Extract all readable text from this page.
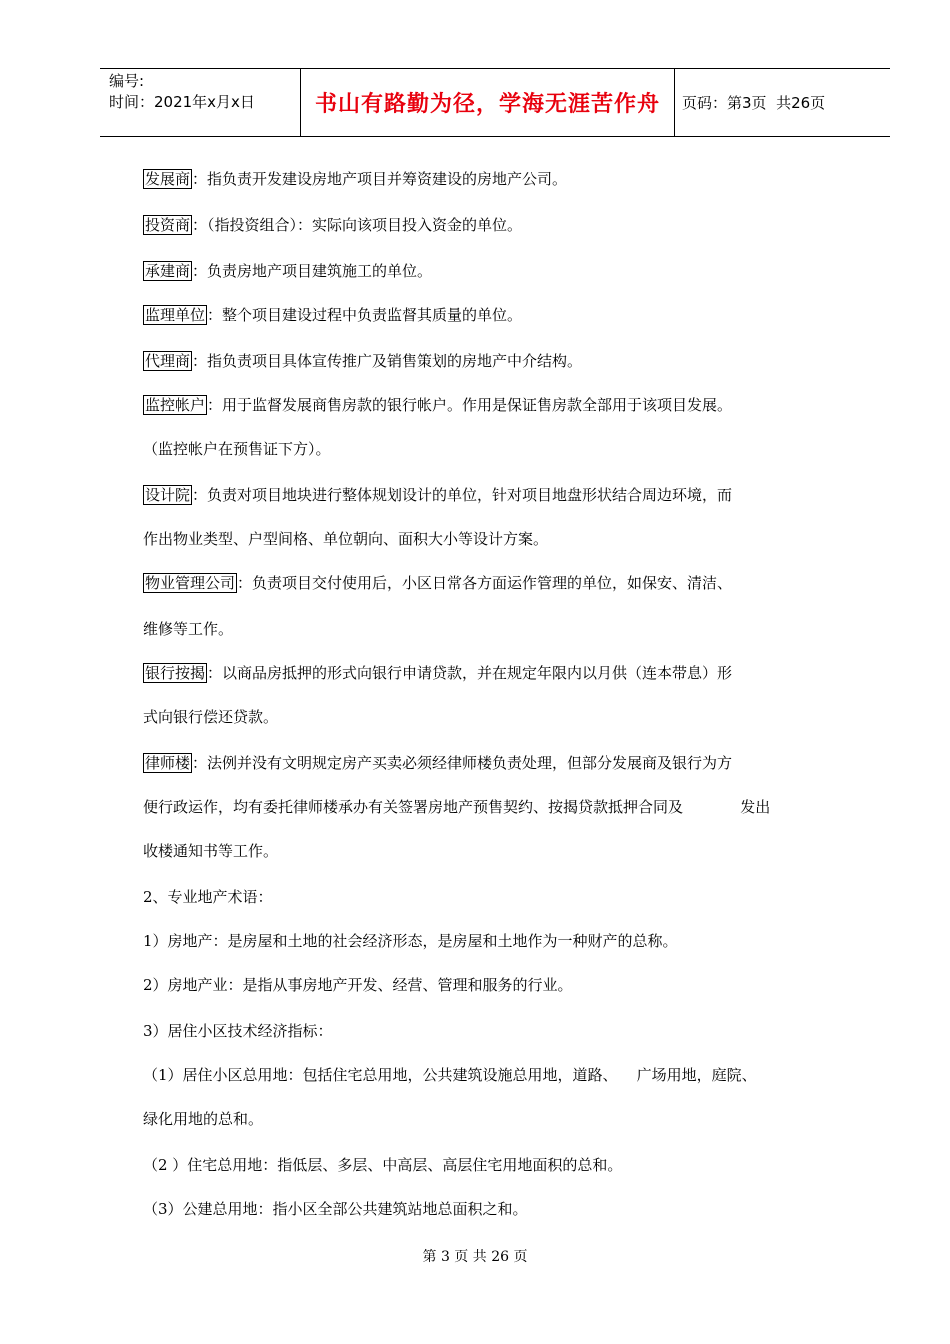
编号:
时间：2021年x月x日	书山有路勤为径，学海无涯苦作舟	页码：第3页  共26页
发展商 ：指负责开发建设房地产项目并筹资建设的房地产公司。
投资商 ：（指投资组合）：实际向该项目投入资金的单位。
承建商 ：负责房地产项目建筑施工的单位。
监理单位 ：整个项目建设过程中负责监督其质量的单位。
代理商 ：指负责项目具体宣传推广及销售策划的房地产中介结构。
监控帐户 ：用于监督发展商售房款的银行帐户。作用是保证售房款全部用于该项目发展。
（监控帐户在预售证下方）。
设计院 ：负责对项目地块进行整体规划设计的单位，针对项目地盘形状结合周边环境，而
作出物业类型、户型间格、单位朝向、面积大小等设计方案。
物业管理公司 ：负责项目交付使用后，小区日常各方面运作管理的单位，如保安、清洁、
维修等工作。
银行按揭 ：以商品房抵押的形式向银行申请贷款，并在规定年限内以月供（连本带息）形
式向银行偿还贷款。
律师楼 ：法例并没有文明规定房产买卖必须经律师楼负责处理，但部分发展商及银行为方
便行政运作，均有委托律师楼承办有关签署房地产预售契约、按揭贷款抵押合同及            发出
收楼通知书等工作。
2、专业地产术语：
1）房地产：是房屋和土地的社会经济形态，是房屋和土地作为一种财产的总称。
2）房地产业：是指从事房地产开发、经营、管理和服务的行业。
3）居住小区技术经济指标：
（1）居住小区总用地：包括住宅总用地，公共建筑设施总用地，道路、    广场用地，庭院、
绿化用地的总和。
（2 ）住宅总用地：指低层、多层、中高层、高层住宅用地面积的总和。
（3）公建总用地：指小区全部公共建筑站地总面积之和。
第 3 页 共 26 页
